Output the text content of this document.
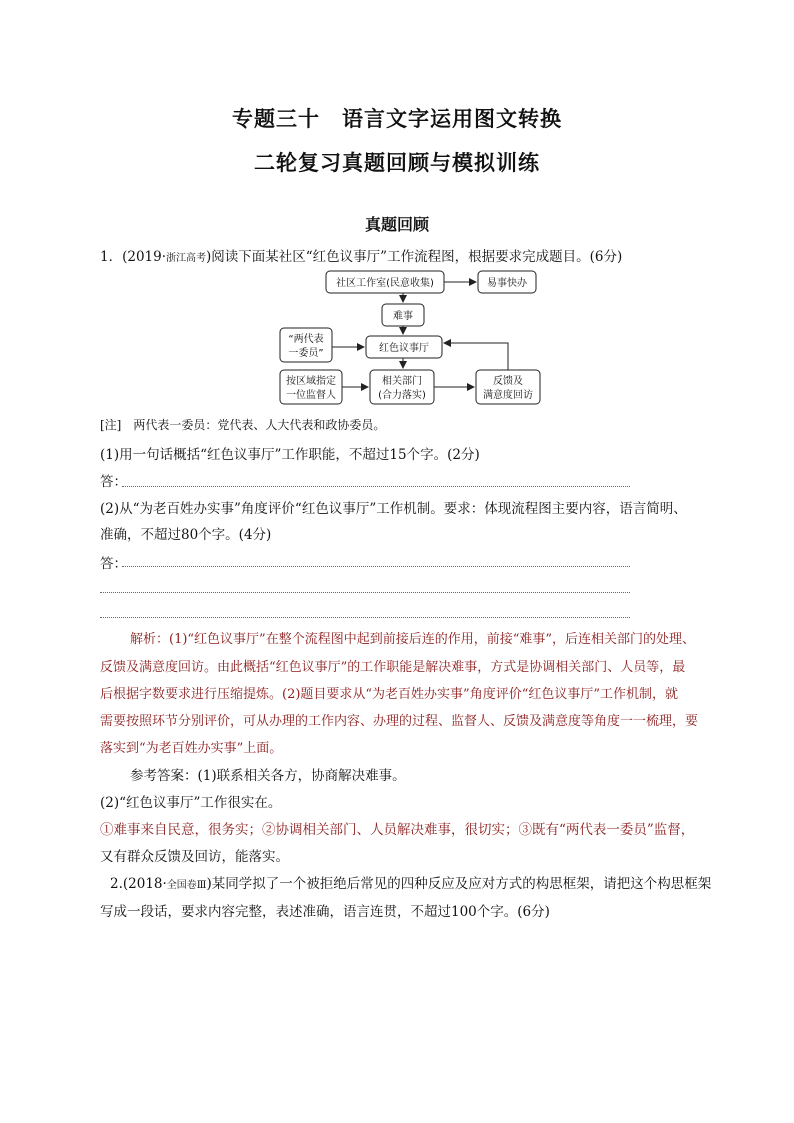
专题三十　语言文字运用图文转换
二轮复习真题回顾与模拟训练
真题回顾
1．(2019·浙江高考)阅读下面某社区“红色议事厅”工作流程图，根据要求完成题目。(6分)
社区工作室(民意收集)	易事快办
难事
红色议事厅
“两代表
一委员”
按区域指定
一位监督人
相关部门
(合力落实)
反馈及
满意度回访
[注]　两代表一委员：党代表、人大代表和政协委员。
(1)用一句话概括“红色议事厅”工作职能，不超过15个字。(2分)
答：
(2)从“为老百姓办实事”角度评价“红色议事厅”工作机制。要求：体现流程图主要内容，语言简明、
准确，不超过80个字。(4分)
答：
解析：(1)“红色议事厅”在整个流程图中起到前接后连的作用，前接“难事”，后连相关部门的处理、
反馈及满意度回访。由此概括“红色议事厅”的工作职能是解决难事，方式是协调相关部门、人员等，最
后根据字数要求进行压缩提炼。(2)题目要求从“为老百姓办实事”角度评价“红色议事厅”工作机制，就
需要按照环节分别评价，可从办理的工作内容、办理的过程、监督人、反馈及满意度等角度一一梳理，要
落实到“为老百姓办实事”上面。
参考答案：(1)联系相关各方，协商解决难事。
(2)“红色议事厅”工作很实在。
①难事来自民意，很务实；②协调相关部门、人员解决难事，很切实；③既有“两代表一委员”监督，
又有群众反馈及回访，能落实。
2.(2018·全国卷Ⅲ)某同学拟了一个被拒绝后常见的四种反应及应对方式的构思框架，请把这个构思框架
写成一段话，要求内容完整，表述准确，语言连贯，不超过100个字。(6分)
